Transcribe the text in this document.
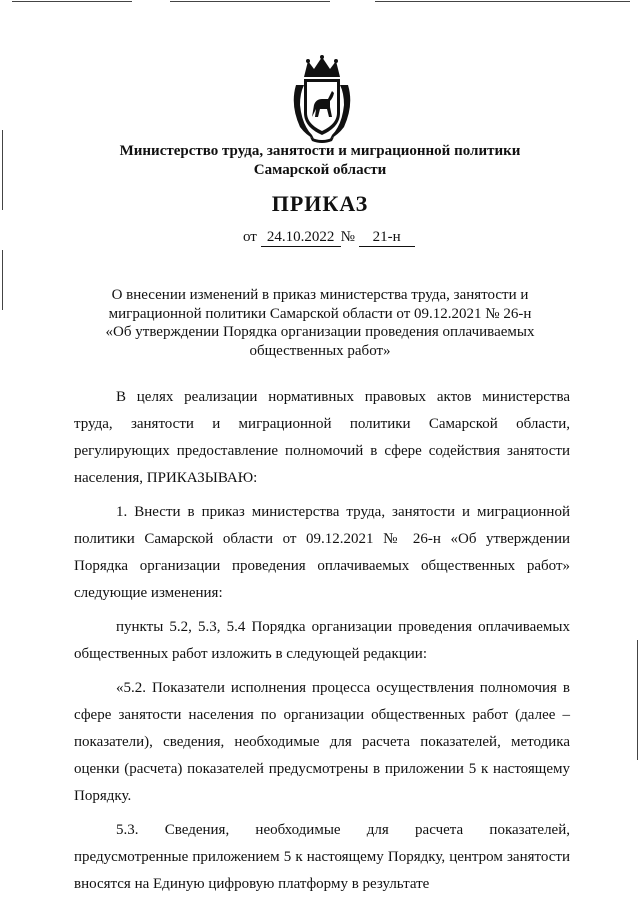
Министерство труда, занятости и миграционной политики
Самарской области
ПРИКАЗ
от 24.10.2022 № 21-н
О внесении изменений в приказ министерства труда, занятости и
миграционной политики Самарской области от 09.12.2021 № 26-н
«Об утверждении Порядка организации проведения оплачиваемых
общественных работ»

В целях реализации нормативных правовых актов министерства труда, занятости и миграционной политики Самарской области, регулирующих предоставление полномочий в сфере содействия занятости населения, ПРИКАЗЫВАЮ:

1. Внести в приказ министерства труда, занятости и миграционной политики Самарской области от 09.12.2021 № 26-н «Об утверждении Порядка организации проведения оплачиваемых общественных работ» следующие изменения:

пункты 5.2, 5.3, 5.4 Порядка организации проведения оплачиваемых общественных работ изложить в следующей редакции:

«5.2. Показатели исполнения процесса осуществления полномочия в сфере занятости населения по организации общественных работ (далее – показатели), сведения, необходимые для расчета показателей, методика оценки (расчета) показателей предусмотрены в приложении 5 к настоящему Порядку.

5.3. Сведения, необходимые для расчета показателей, предусмотренные приложением 5 к настоящему Порядку, центром занятости вносятся на Единую цифровую платформу в результате
